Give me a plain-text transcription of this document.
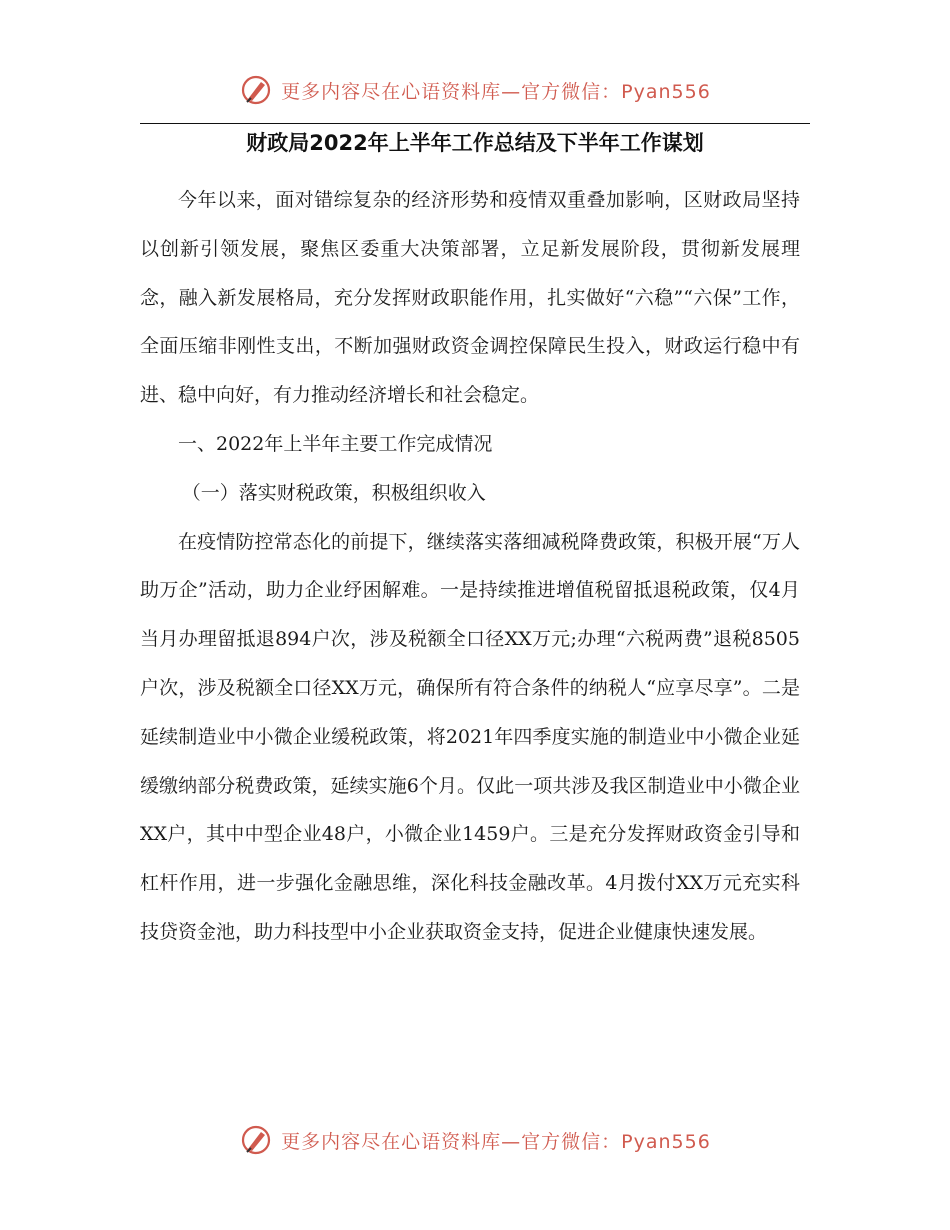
更多内容尽在心语资料库—官方微信：Pyan556
财政局2022年上半年工作总结及下半年工作谋划

今年以来，面对错综复杂的经济形势和疫情双重叠加影响，区财政局坚持以创新引领发展，聚焦区委重大决策部署，立足新发展阶段，贯彻新发展理念，融入新发展格局，充分发挥财政职能作用，扎实做好“六稳”“六保”工作，全面压缩非刚性支出，不断加强财政资金调控保障民生投入，财政运行稳中有进、稳中向好，有力推动经济增长和社会稳定。

一、2022年上半年主要工作完成情况

（一）落实财税政策，积极组织收入

在疫情防控常态化的前提下，继续落实落细减税降费政策，积极开展“万人助万企”活动，助力企业纾困解难。一是持续推进增值税留抵退税政策，仅4月当月办理留抵退894户次，涉及税额全口径XX万元;办理“六税两费”退税8505户次，涉及税额全口径XX万元，确保所有符合条件的纳税人“应享尽享”。二是延续制造业中小微企业缓税政策，将2021年四季度实施的制造业中小微企业延缓缴纳部分税费政策，延续实施6个月。仅此一项共涉及我区制造业中小微企业XX户，其中中型企业48户，小微企业1459户。三是充分发挥财政资金引导和杠杆作用，进一步强化金融思维，深化科技金融改革。4月拨付XX万元充实科技贷资金池，助力科技型中小企业获取资金支持，促进企业健康快速发展。

更多内容尽在心语资料库—官方微信：Pyan556
